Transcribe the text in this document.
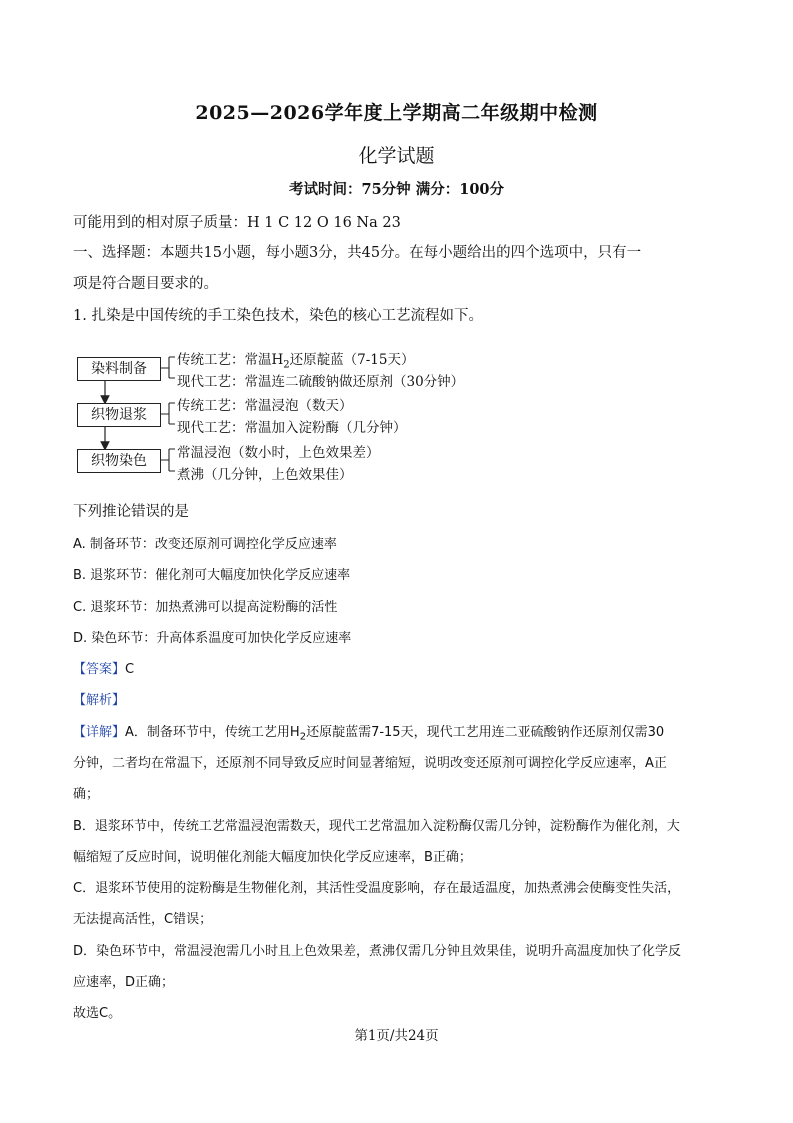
2025—2026学年度上学期高二年级期中检测
化学试题
考试时间：75分钟 满分：100分
可能用到的相对原子质量：H 1 C 12 O 16 Na 23
一、选择题：本题共15小题，每小题3分，共45分。在每小题给出的四个选项中，只有一
项是符合题目要求的。
1. 扎染是中国传统的手工染色技术，染色的核心工艺流程如下。
染料制备
织物退浆
织物染色
传统工艺：常温$H_2$还原靛蓝（7-15天）
现代工艺：常温连二硫酸钠做还原剂（30分钟）
传统工艺：常温浸泡（数天）
现代工艺：常温加入淀粉酶（几分钟）
常温浸泡（数小时，上色效果差）
煮沸（几分钟，上色效果佳）
下列推论错误的是
A. 制备环节：改变还原剂可调控化学反应速率
B. 退浆环节：催化剂可大幅度加快化学反应速率
C. 退浆环节：加热煮沸可以提高淀粉酶的活性
D. 染色环节：升高体系温度可加快化学反应速率
【答案】C
【解析】
【详解】A．制备环节中，传统工艺用$H_2$还原靛蓝需7-15天，现代工艺用连二亚硫酸钠作还原剂仅需30
分钟，二者均在常温下，还原剂不同导致反应时间显著缩短，说明改变还原剂可调控化学反应速率，A正
确；
B．退浆环节中，传统工艺常温浸泡需数天，现代工艺常温加入淀粉酶仅需几分钟，淀粉酶作为催化剂，大
幅缩短了反应时间，说明催化剂能大幅度加快化学反应速率，B正确；
C．退浆环节使用的淀粉酶是生物催化剂，其活性受温度影响，存在最适温度，加热煮沸会使酶变性失活，
无法提高活性，C错误；
D．染色环节中，常温浸泡需几小时且上色效果差，煮沸仅需几分钟且效果佳，说明升高温度加快了化学反
应速率，D正确；
故选C。
第1页/共24页
